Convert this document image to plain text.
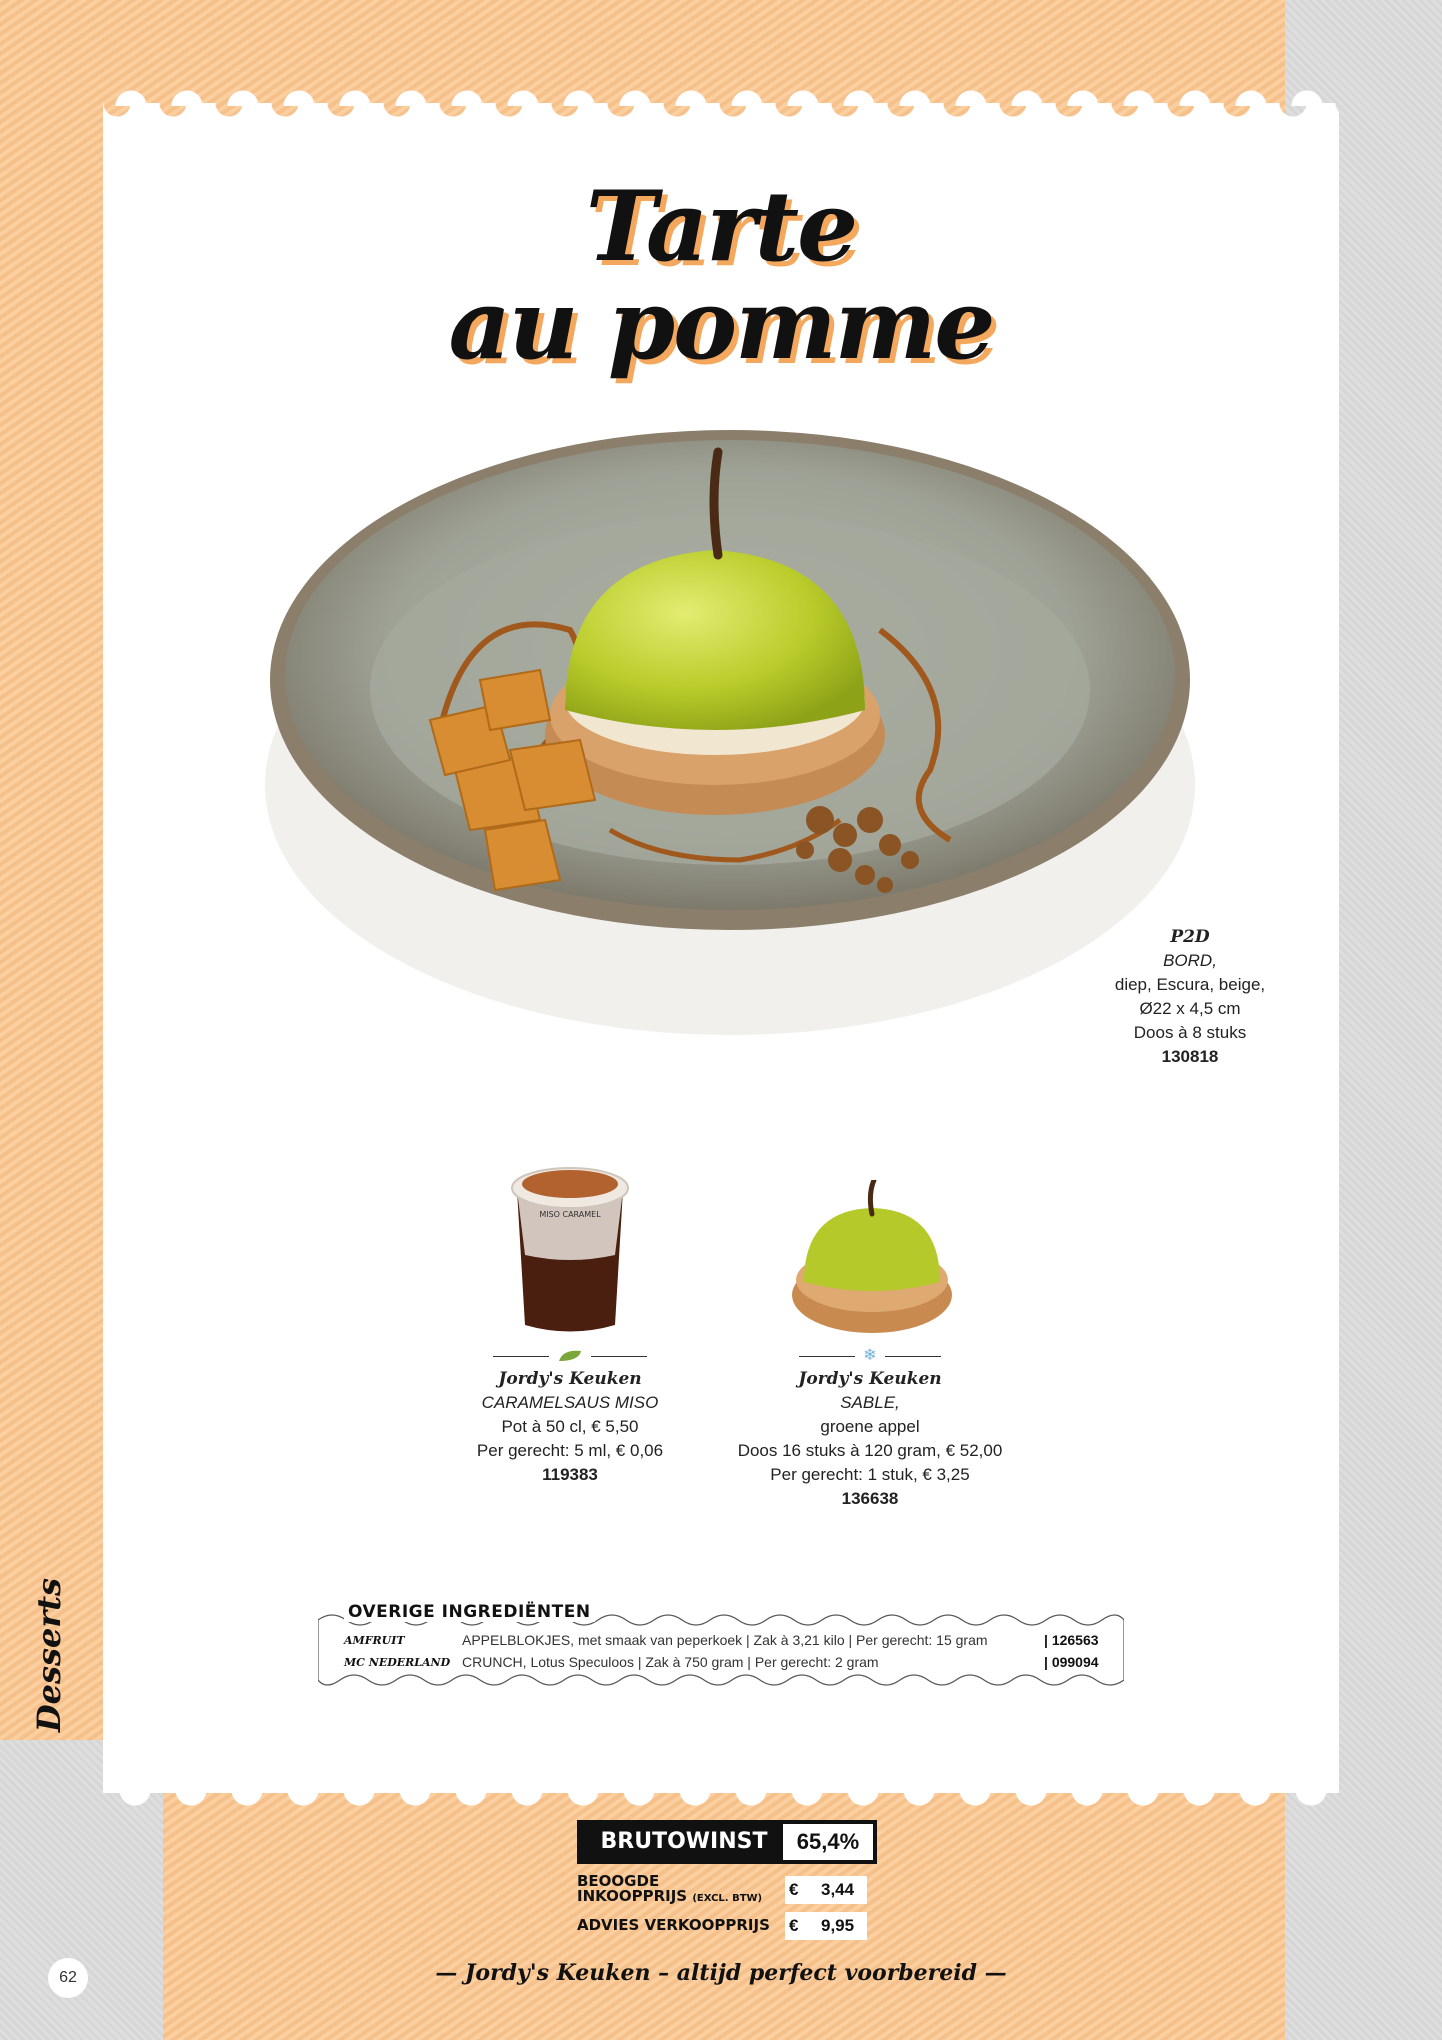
Tarte
au pomme
P2D
BORD,
diep, Escura, beige,
Ø22 x 4,5 cm
Doos à 8 stuks
130818
MISO CARAMEL
Jordy's Keuken
CARAMELSAUS MISO
Pot à 50 cl, € 5,50
Per gerecht: 5 ml, € 0,06
119383
❄
Jordy's Keuken
SABLE,
groene appel
Doos 16 stuks à 120 gram, € 52,00
Per gerecht: 1 stuk, € 3,25
136638
OVERIGE INGREDIËNTEN
AMFRUIT	APPELBLOKJES, met smaak van peperkoek | Zak à 3,21 kilo | Per gerecht: 15 gram	| 126563
MC NEDERLAND CRUNCH, Lotus Speculoos | Zak à 750 gram | Per gerecht: 2 gram	| 099094
Desserts
BRUTOWINST	65,4%
BEOOGDE
INKOOPPRIJS (EXCL. BTW) € 3,44
ADVIES VERKOOPPRIJS € 9,95
— Jordy's Keuken – altijd perfect voorbereid —
62
